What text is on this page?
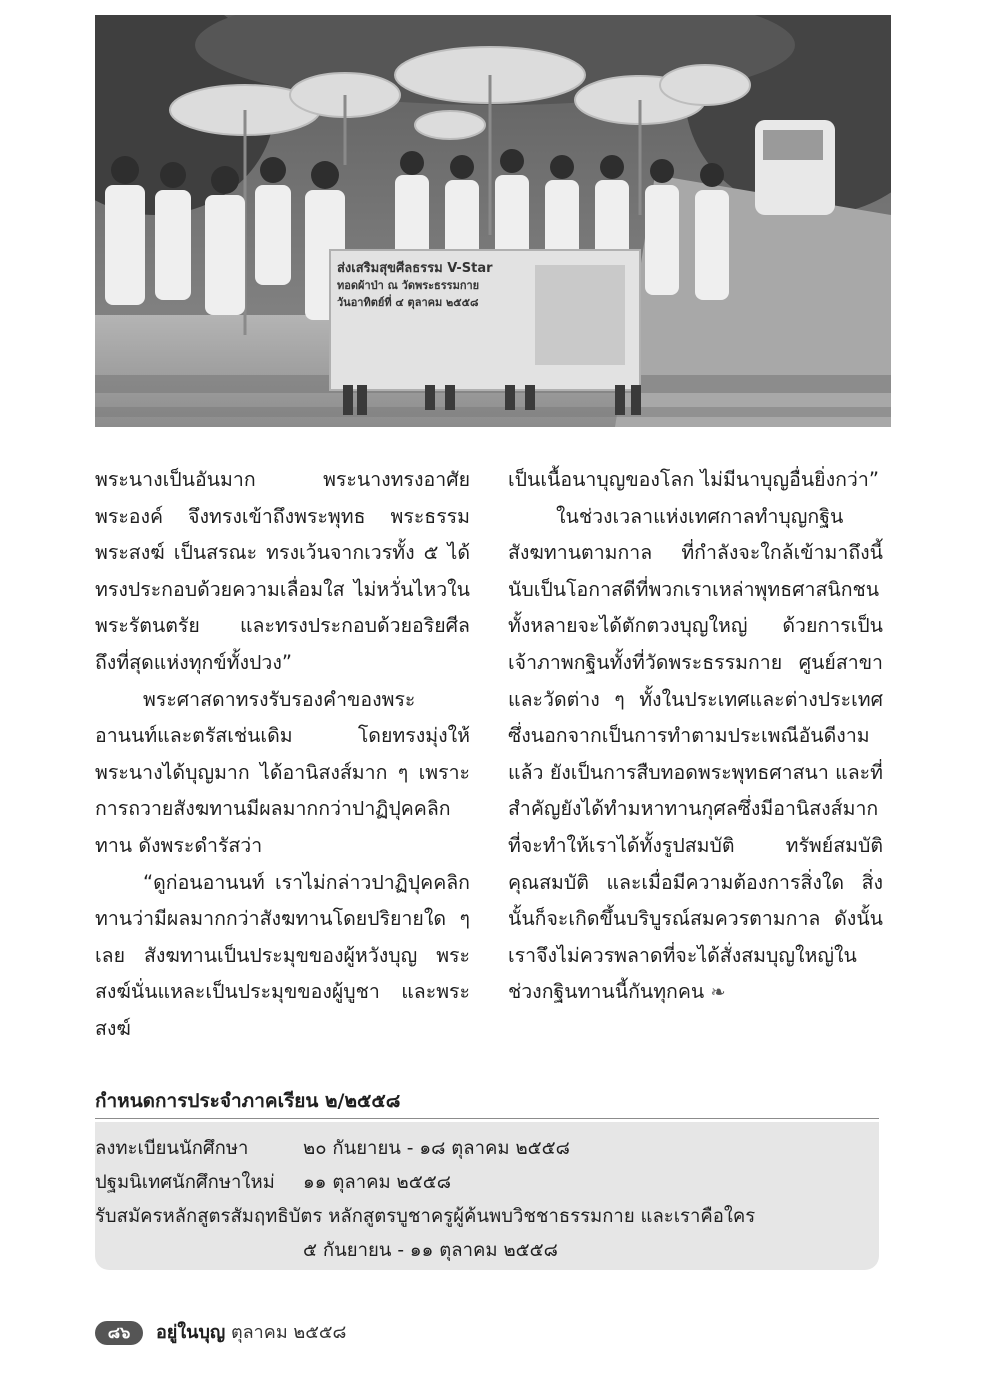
ส่งเสริมสุขศีลธรรม V-Star
ทอดผ้าป่า ณ วัดพระธรรมกาย
วันอาทิตย์ที่ ๔ ตุลาคม ๒๕๕๘

พระนางเป็นอันมาก พระนางทรงอาศัยพระองค์ จึงทรงเข้าถึงพระพุทธ พระธรรม พระสงฆ์ เป็นสรณะ ทรงเว้นจากเวรทั้ง ๕ ได้ ทรงประกอบด้วยความเลื่อมใส ไม่หวั่นไหวในพระรัตนตรัย และทรงประกอบด้วยอริยศีล ถึงที่สุดแห่งทุกข์ทั้งปวง”

พระศาสดาทรงรับรองคำของพระอานนท์และตรัสเช่นเดิม โดยทรงมุ่งให้พระนางได้บุญมาก ได้อานิสงส์มาก ๆ เพราะการถวายสังฆทานมีผลมากกว่าปาฏิปุคคลิกทาน ดังพระดำรัสว่า

“ดูก่อนอานนท์ เราไม่กล่าวปาฏิปุคคลิกทานว่ามีผลมากกว่าสังฆทานโดยปริยายใด ๆ เลย สังฆทานเป็นประมุขของผู้หวังบุญ พระสงฆ์นั่นแหละเป็นประมุขของผู้บูชา และพระสงฆ์

เป็นเนื้อนาบุญของโลก ไม่มีนาบุญอื่นยิ่งกว่า”

ในช่วงเวลาแห่งเทศกาลทำบุญกฐินสังฆทานตามกาล ที่กำลังจะใกล้เข้ามาถึงนี้ นับเป็นโอกาสดีที่พวกเราเหล่าพุทธศาสนิกชนทั้งหลายจะได้ตักตวงบุญใหญ่ ด้วยการเป็นเจ้าภาพกฐินทั้งที่วัดพระธรรมกาย ศูนย์สาขา และวัดต่าง ๆ ทั้งในประเทศและต่างประเทศ ซึ่งนอกจากเป็นการทำตามประเพณีอันดีงามแล้ว ยังเป็นการสืบทอดพระพุทธศาสนา และที่สำคัญยังได้ทำมหาทานกุศลซึ่งมีอานิสงส์มาก ที่จะทำให้เราได้ทั้งรูปสมบัติ ทรัพย์สมบัติ คุณสมบัติ และเมื่อมีความต้องการสิ่งใด สิ่งนั้นก็จะเกิดขึ้นบริบูรณ์สมควรตามกาล ดังนั้นเราจึงไม่ควรพลาดที่จะได้สั่งสมบุญใหญ่ในช่วงกฐินทานนี้กันทุกคน ❧

กำหนดการประจำภาคเรียน ๒/๒๕๕๘
ลงทะเบียนนักศึกษา	๒๐ กันยายน - ๑๘ ตุลาคม ๒๕๕๘
ปฐมนิเทศนักศึกษาใหม่ ๑๑ ตุลาคม ๒๕๕๘
รับสมัครหลักสูตรสัมฤทธิบัตร หลักสูตรบูชาครูผู้ค้นพบวิชชาธรรมกาย และเราคือใคร
๕ กันยายน - ๑๑ ตุลาคม ๒๕๕๘
๘๖	อยู่ในบุญ ตุลาคม ๒๕๕๘
